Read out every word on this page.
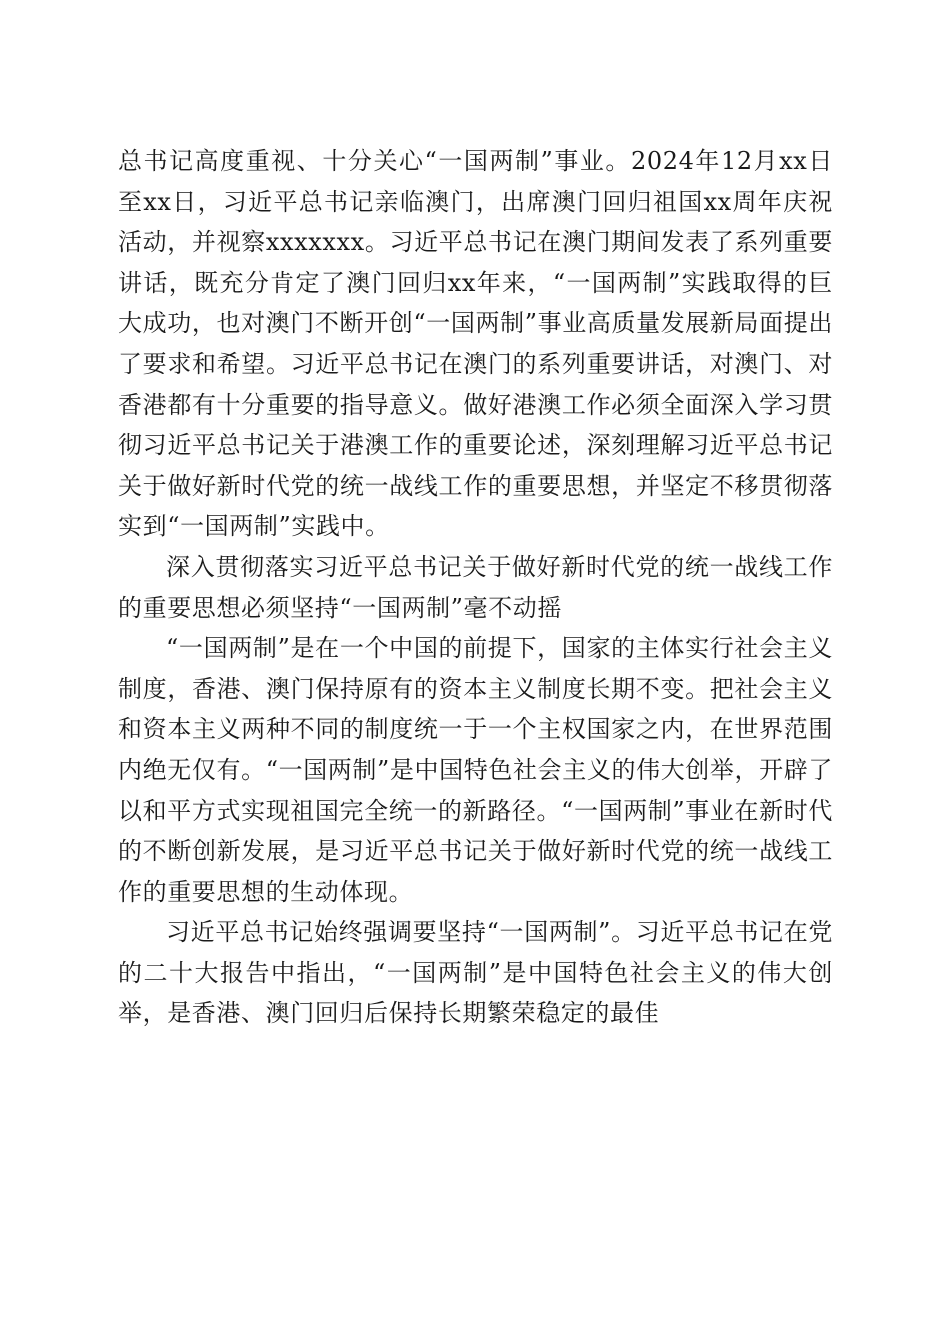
总书记高度重视、十分关心“一国两制”事业。2024年12月xx日至xx日，习近平总书记亲临澳门，出席澳门回归祖国xx周年庆祝活动，并视察xxxxxxx。习近平总书记在澳门期间发表了系列重要讲话，既充分肯定了澳门回归xx年来，“一国两制”实践取得的巨大成功，也对澳门不断开创“一国两制”事业高质量发展新局面提出了要求和希望。习近平总书记在澳门的系列重要讲话，对澳门、对香港都有十分重要的指导意义。做好港澳工作必须全面深入学习贯彻习近平总书记关于港澳工作的重要论述，深刻理解习近平总书记关于做好新时代党的统一战线工作的重要思想，并坚定不移贯彻落实到“一国两制”实践中。

深入贯彻落实习近平总书记关于做好新时代党的统一战线工作的重要思想必须坚持“一国两制”毫不动摇

“一国两制”是在一个中国的前提下，国家的主体实行社会主义制度，香港、澳门保持原有的资本主义制度长期不变。把社会主义和资本主义两种不同的制度统一于一个主权国家之内，在世界范围内绝无仅有。“一国两制”是中国特色社会主义的伟大创举，开辟了以和平方式实现祖国完全统一的新路径。“一国两制”事业在新时代的不断创新发展，是习近平总书记关于做好新时代党的统一战线工作的重要思想的生动体现。

习近平总书记始终强调要坚持“一国两制”。习近平总书记在党的二十大报告中指出，“一国两制”是中国特色社会主义的伟大创举，是香港、澳门回归后保持长期繁荣稳定的最佳
